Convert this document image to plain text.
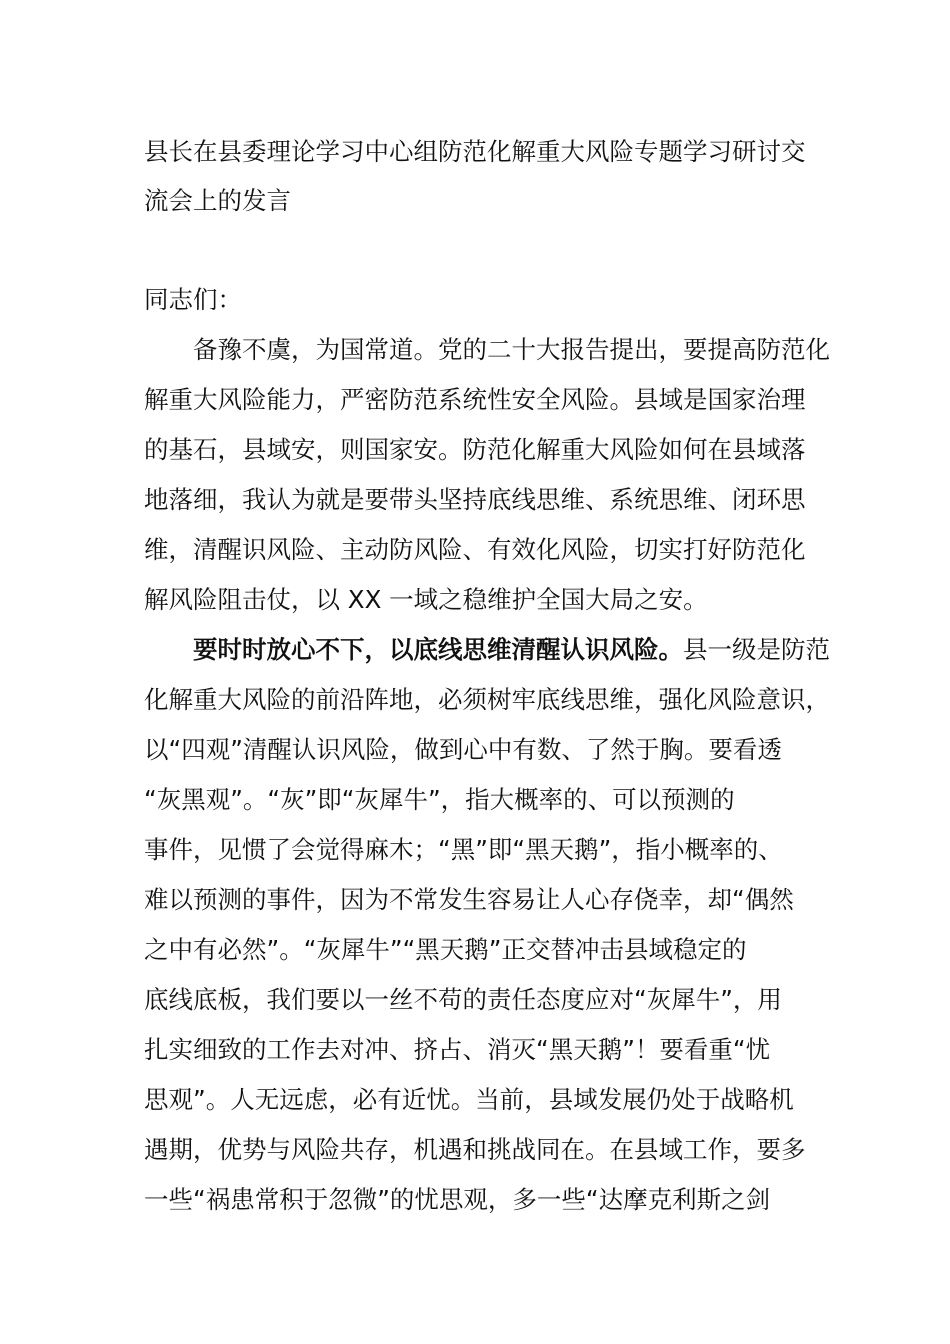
县长在县委理论学习中心组防范化解重大风险专题学习研讨交
流会上的发言
同志们：
　　备豫不虞，为国常道。党的二十大报告提出，要提高防范化
解重大风险能力，严密防范系统性安全风险。县域是国家治理
的基石，县域安，则国家安。防范化解重大风险如何在县域落
地落细，我认为就是要带头坚持底线思维、系统思维、闭环思
维，清醒识风险、主动防风险、有效化风险，切实打好防范化
解风险阻击仗，以 XX 一域之稳维护全国大局之安。
　　要时时放心不下，以底线思维清醒认识风险。县一级是防范
化解重大风险的前沿阵地，必须树牢底线思维，强化风险意识，
以“四观”清醒认识风险，做到心中有数、了然于胸。要看透
“灰黑观”。“灰”即“灰犀牛”，指大概率的、可以预测的
事件，见惯了会觉得麻木；“黑”即“黑天鹅”，指小概率的、
难以预测的事件，因为不常发生容易让人心存侥幸，却“偶然
之中有必然”。“灰犀牛”“黑天鹅”正交替冲击县域稳定的
底线底板，我们要以一丝不苟的责任态度应对“灰犀牛”，用
扎实细致的工作去对冲、挤占、消灭“黑天鹅”！要看重“忧
思观”。人无远虑，必有近忧。当前，县域发展仍处于战略机
遇期，优势与风险共存，机遇和挑战同在。在县域工作，要多
一些“祸患常积于忽微”的忧思观，多一些“达摩克利斯之剑
